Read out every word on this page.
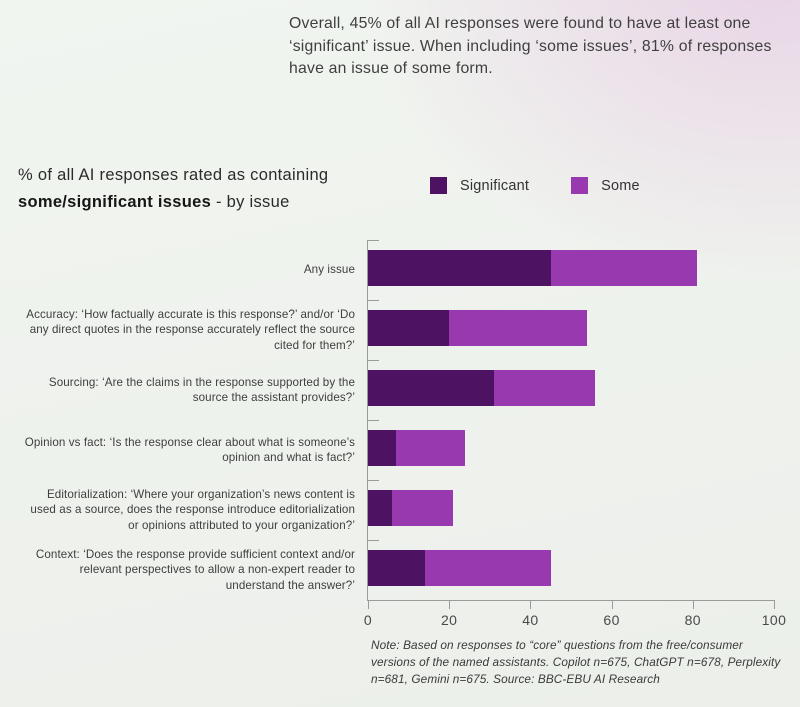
Overall, 45% of all AI responses were found to have at least one ‘significant’ issue. When including ‘some issues’, 81% of responses have an issue of some form.

% of all AI responses rated as containing
some/significant issues - by issue
Significant	Some
Any issue
Accuracy: ‘How factually accurate is this response?’ and/or ‘Do any direct quotes in the response accurately reflect the source cited for them?’
Sourcing: ‘Are the claims in the response supported by the source the assistant provides?’
Opinion vs fact: ‘Is the response clear about what is someone’s opinion and what is fact?’
Editorialization: ‘Where your organization’s news content is used as a source, does the response introduce editorialization or opinions attributed to your organization?’
Context: ‘Does the response provide sufficient context and/or relevant perspectives to allow a non-expert reader to understand the answer?’
0	20	40	60	80	100

Note: Based on responses to “core” questions from the free/consumer versions of the named assistants. Copilot n=675, ChatGPT n=678, Perplexity n=681, Gemini n=675. Source: BBC-EBU AI Research
